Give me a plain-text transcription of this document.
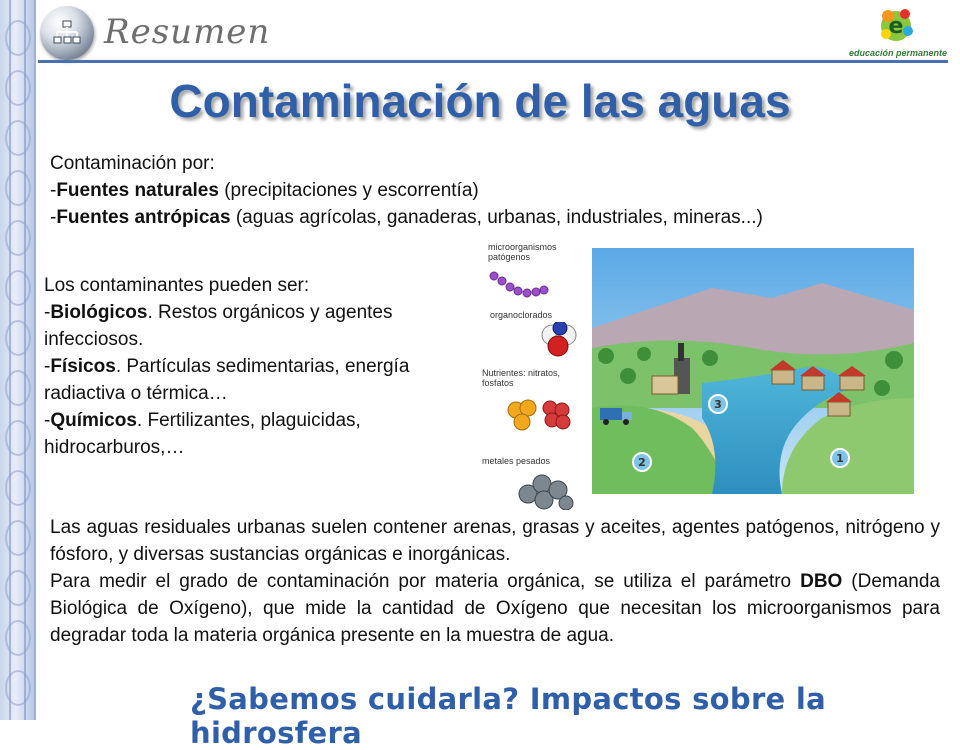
Resumen	e
educación permanente
Contaminación de las aguas
Contaminación por:
-Fuentes naturales (precipitaciones y escorrentía)
-Fuentes antrópicas (aguas agrícolas, ganaderas, urbanas, industriales, mineras...)
Los contaminantes pueden ser:
-Biológicos. Restos orgánicos y agentes infecciosos.
-Físicos. Partículas sedimentarias, energía radiactiva o térmica…
-Químicos. Fertilizantes, plaguicidas, hidrocarburos,…
microorganismos patógenos
organoclorados
Nutrientes: nitratos, fosfatos
metales pesados	1
2
3
Las aguas residuales urbanas suelen contener arenas, grasas y aceites, agentes patógenos, nitrógeno y fósforo, y diversas sustancias orgánicas e inorgánicas.
Para medir el grado de contaminación por materia orgánica, se utiliza el parámetro DBO (Demanda Biológica de Oxígeno), que mide la cantidad de Oxígeno que necesitan los microorganismos para degradar toda la materia orgánica presente en la muestra de agua.
¿Sabemos cuidarla? Impactos sobre la hidrosfera
